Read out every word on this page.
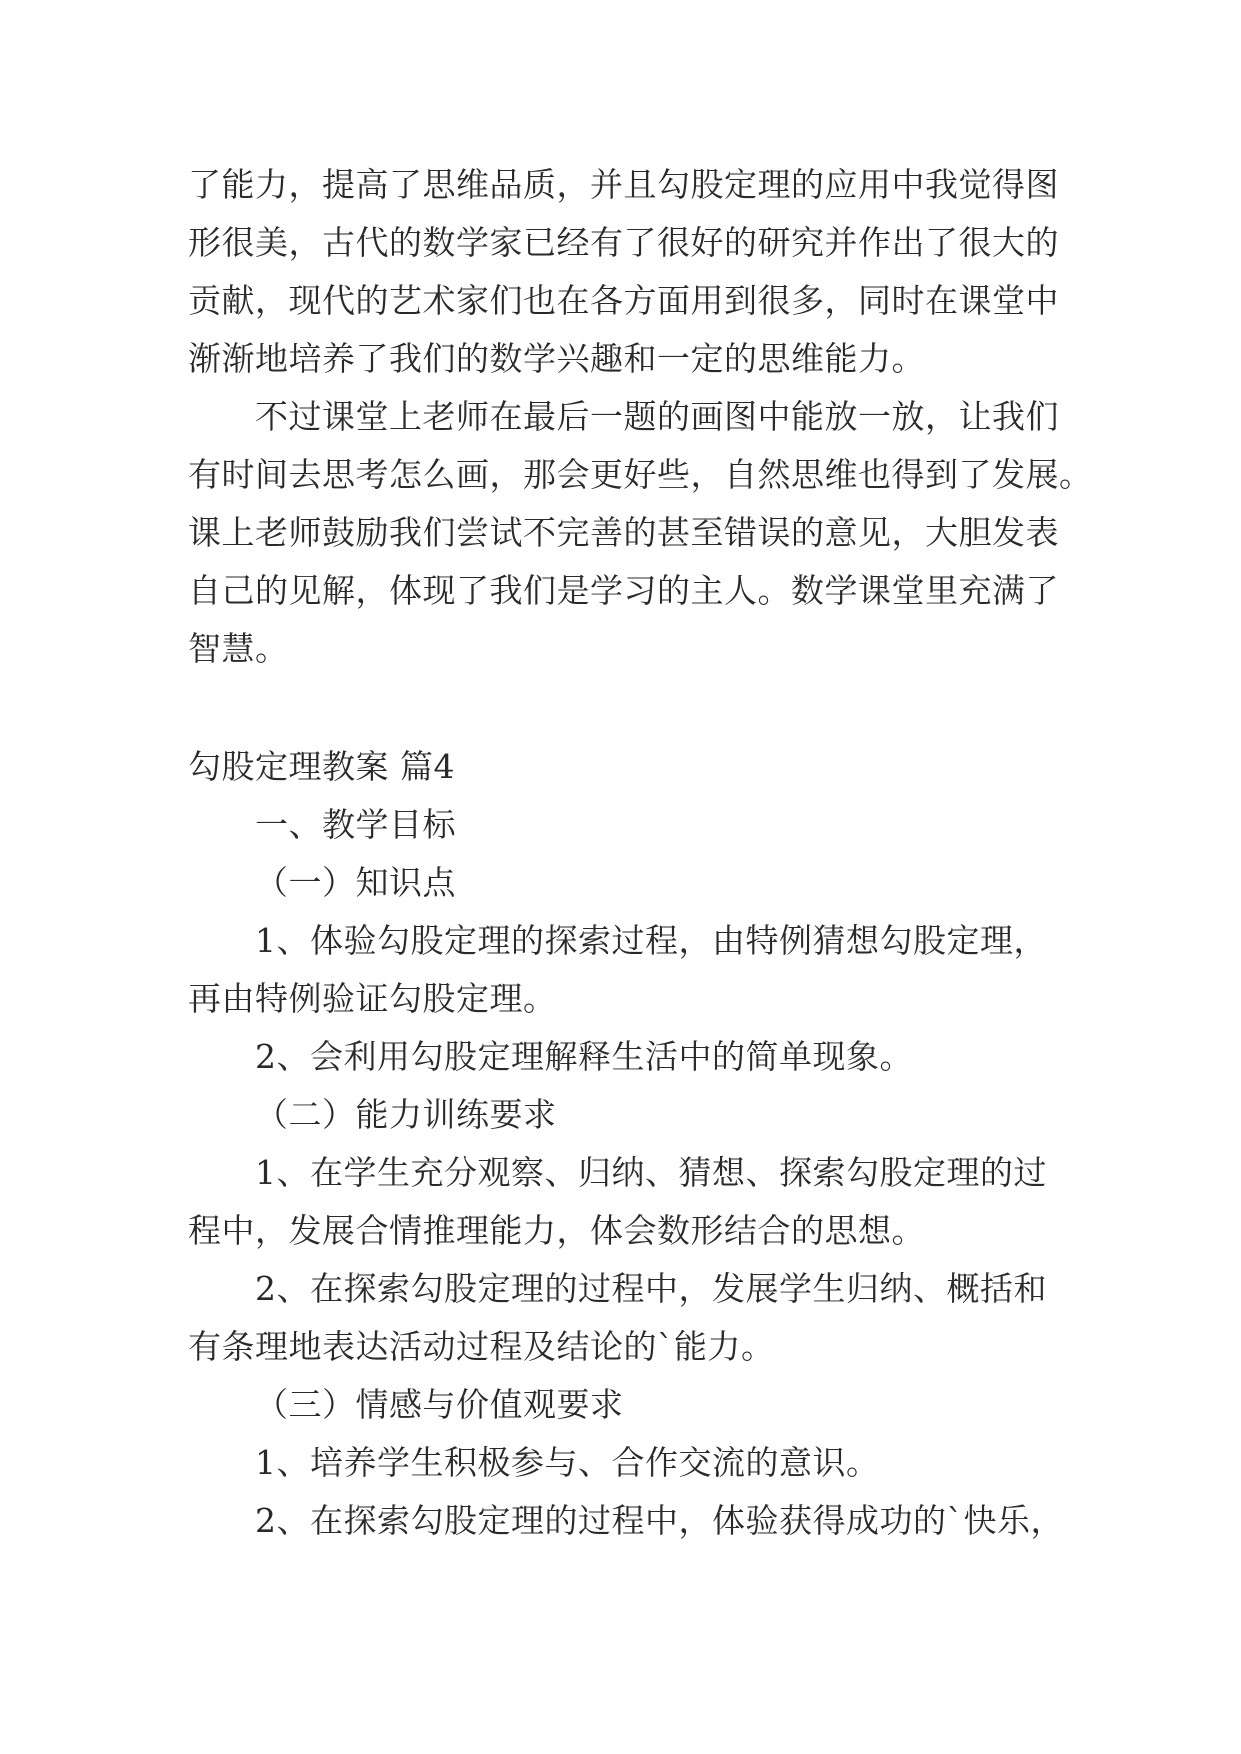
了能力，提高了思维品质，并且勾股定理的应用中我觉得图
形很美，古代的数学家已经有了很好的研究并作出了很大的
贡献，现代的艺术家们也在各方面用到很多，同时在课堂中
渐渐地培养了我们的数学兴趣和一定的思维能力。
不过课堂上老师在最后一题的画图中能放一放，让我们
有时间去思考怎么画，那会更好些，自然思维也得到了发展。
课上老师鼓励我们尝试不完善的甚至错误的意见，大胆发表
自己的见解，体现了我们是学习的主人。数学课堂里充满了
智慧。
勾股定理教案 篇4
一、教学目标
（一）知识点
1、体验勾股定理的探索过程，由特例猜想勾股定理，
再由特例验证勾股定理。
2、会利用勾股定理解释生活中的简单现象。
（二）能力训练要求
1、在学生充分观察、归纳、猜想、探索勾股定理的过
程中，发展合情推理能力，体会数形结合的思想。
2、在探索勾股定理的过程中，发展学生归纳、概括和
有条理地表达活动过程及结论的`能力。
（三）情感与价值观要求
1、培养学生积极参与、合作交流的意识。
2、在探索勾股定理的过程中，体验获得成功的`快乐，
